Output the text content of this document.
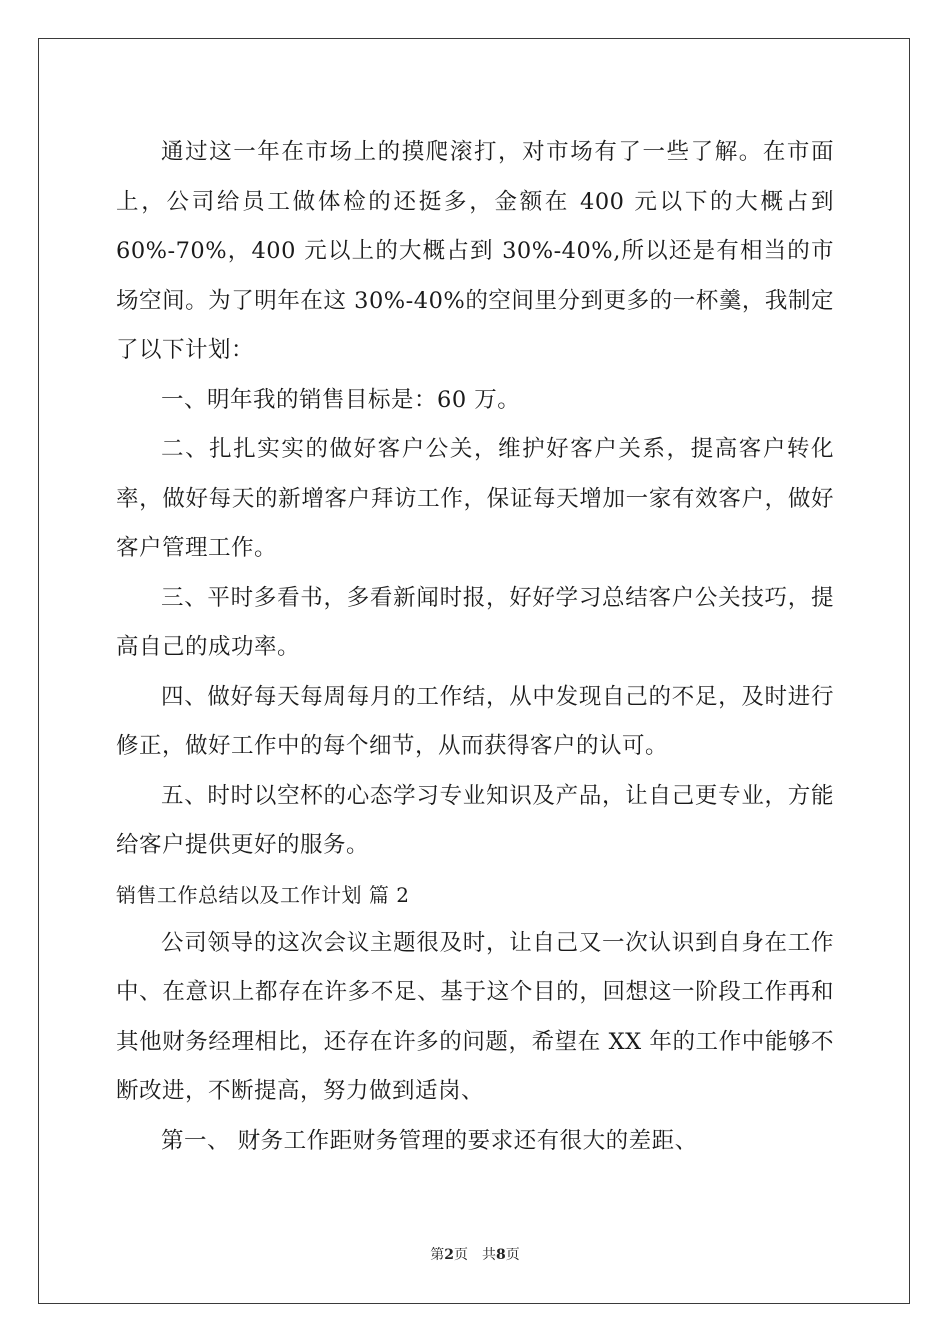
通过这一年在市场上的摸爬滚打，对市场有了一些了解。在市面上，公司给员工做体检的还挺多，金额在 400 元以下的大概占到 60%-70%，400 元以上的大概占到 30%-40%,所以还是有相当的市场空间。为了明年在这 30%-40%的空间里分到更多的一杯羹，我制定了以下计划：

一、明年我的销售目标是：60 万。

二、扎扎实实的做好客户公关，维护好客户关系，提高客户转化率，做好每天的新增客户拜访工作，保证每天增加一家有效客户，做好客户管理工作。

三、平时多看书，多看新闻时报，好好学习总结客户公关技巧，提高自己的成功率。

四、做好每天每周每月的工作结，从中发现自己的不足，及时进行修正，做好工作中的每个细节，从而获得客户的认可。

五、时时以空杯的心态学习专业知识及产品，让自己更专业，方能给客户提供更好的服务。

销售工作总结以及工作计划 篇 2

公司领导的这次会议主题很及时，让自己又一次认识到自身在工作中、在意识上都存在许多不足、基于这个目的，回想这一阶段工作再和其他财务经理相比，还存在许多的问题，希望在 XX 年的工作中能够不断改进，不断提高，努力做到适岗、

第一、 财务工作距财务管理的要求还有很大的差距、

第2页 共8页
